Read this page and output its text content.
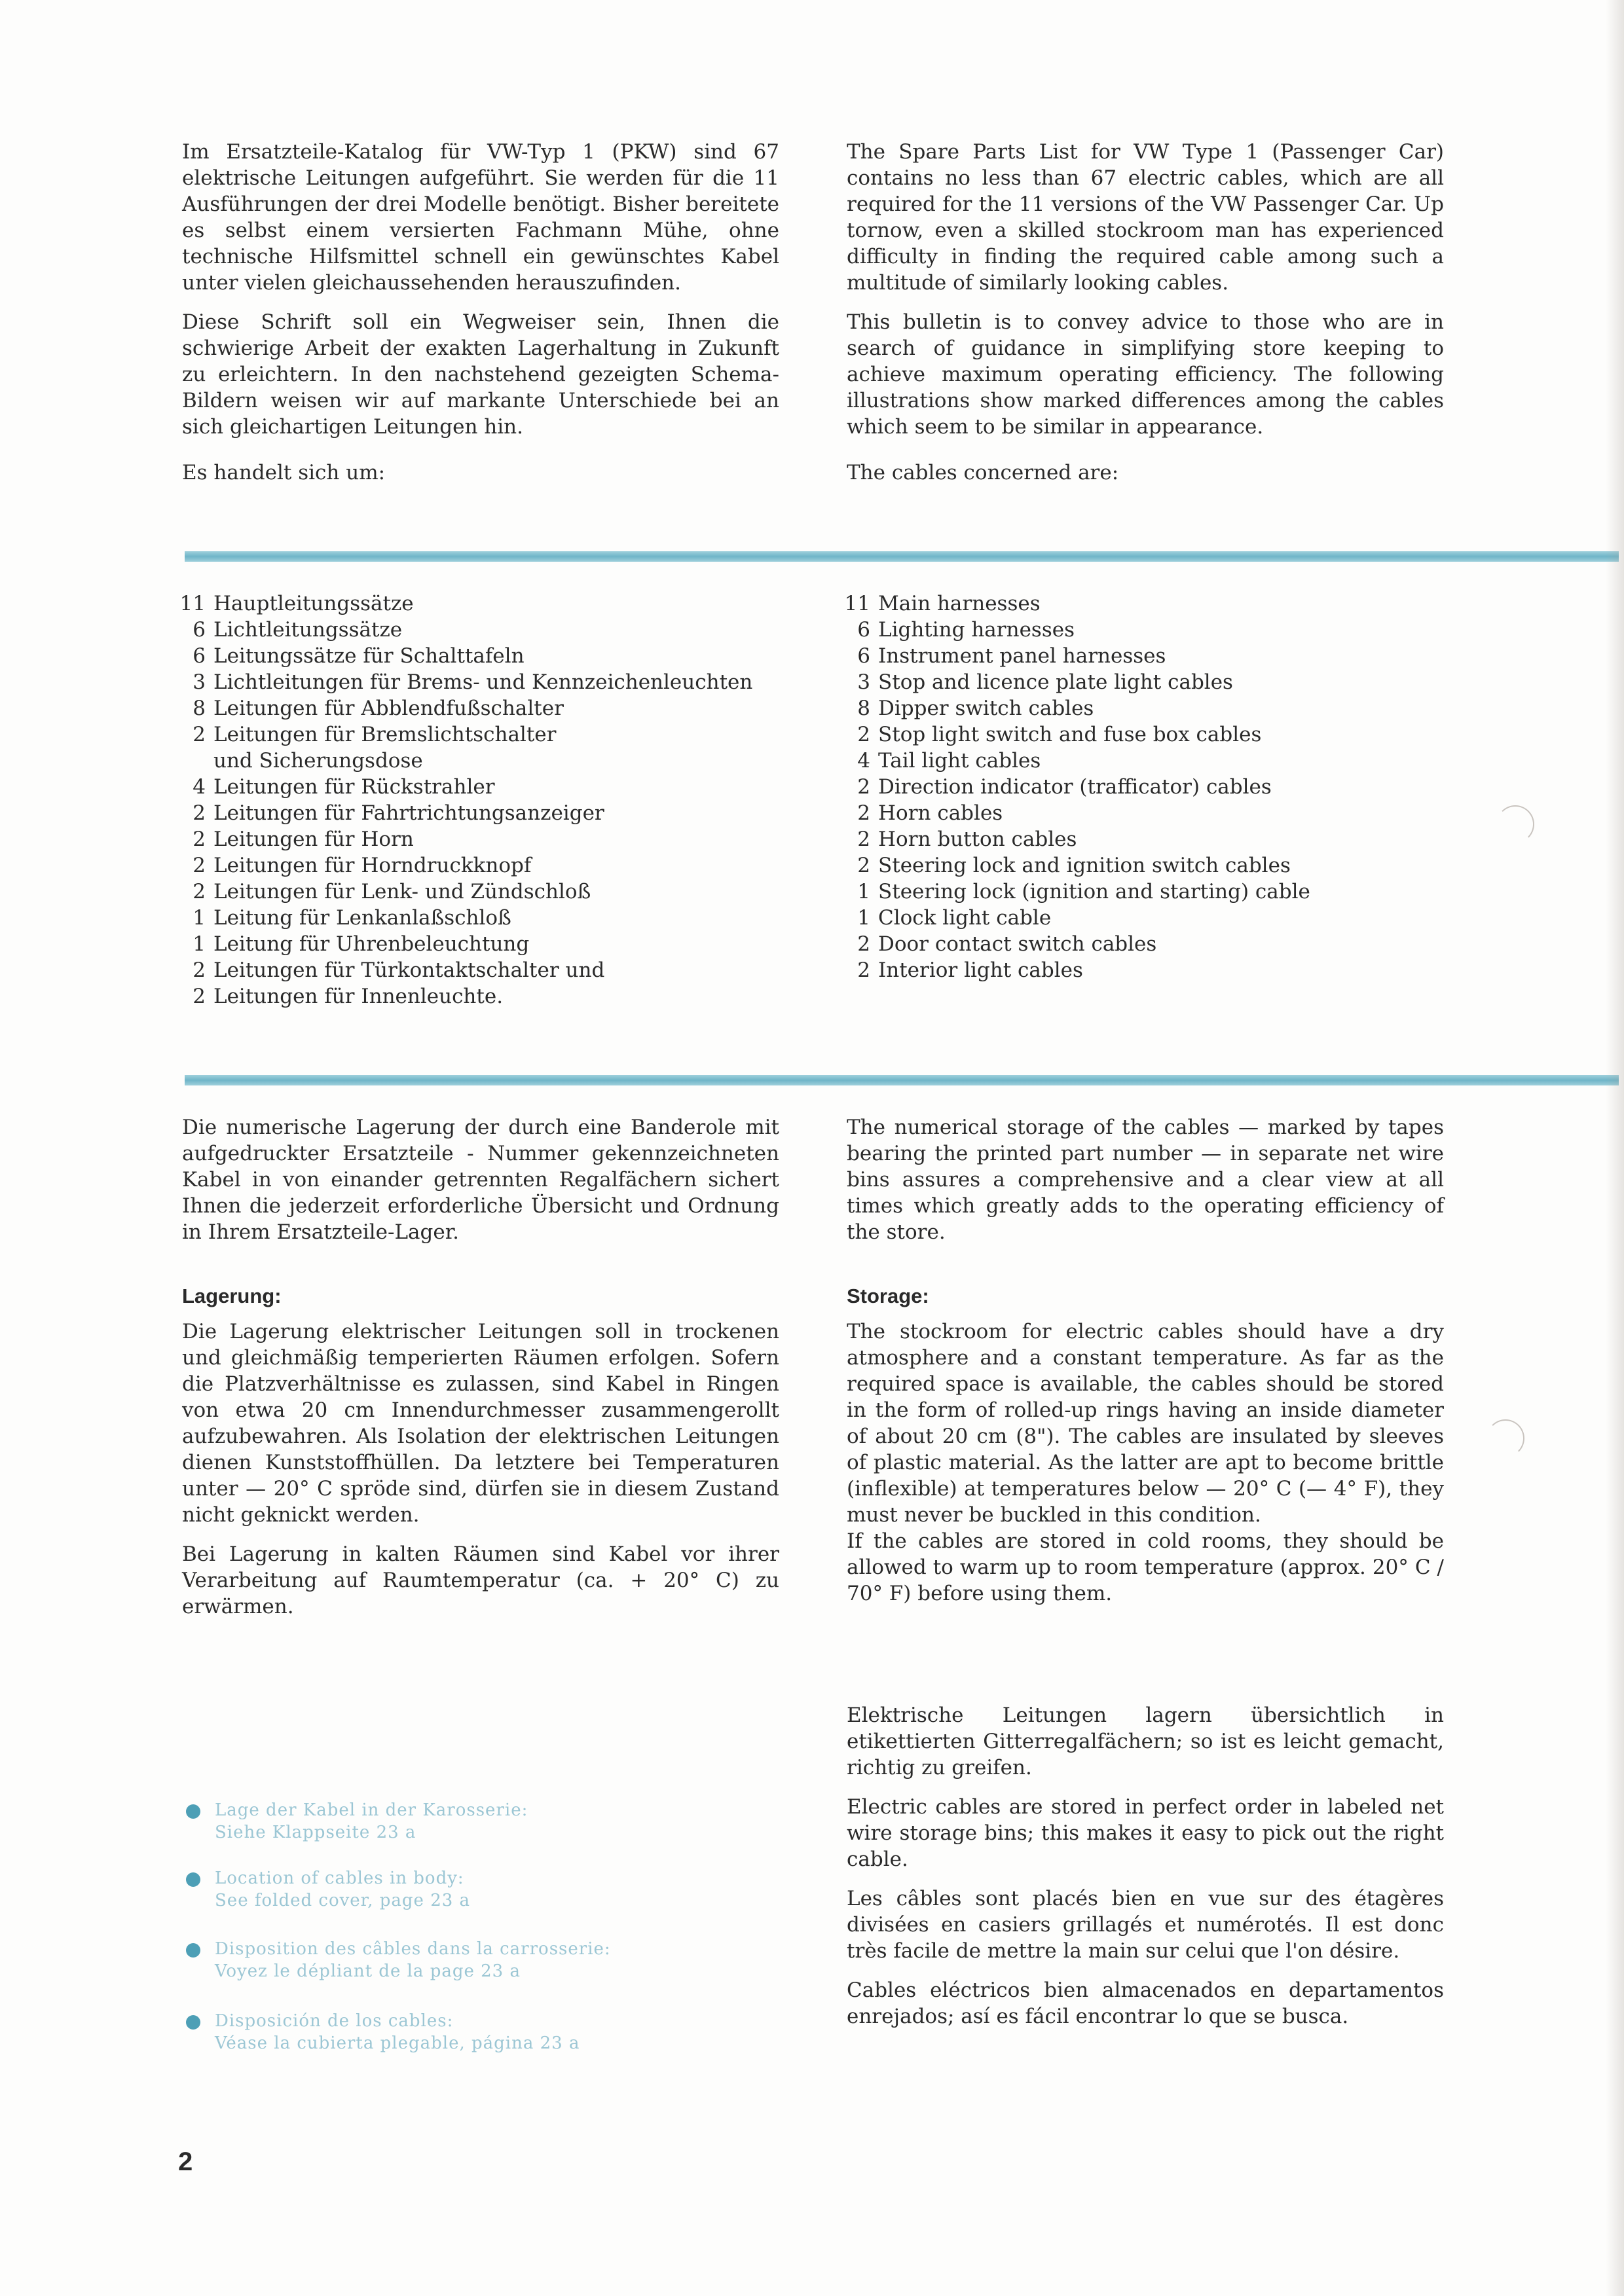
Im Ersatzteile-Katalog für VW-Typ 1 (PKW) sind 67 elektrische Leitungen aufgeführt. Sie werden für die 11 Ausführungen der drei Modelle benötigt. Bisher bereitete es selbst einem versierten Fachmann Mühe, ohne technische Hilfsmittel schnell ein gewünschtes Kabel unter vielen gleichaussehenden herauszufinden.

Diese Schrift soll ein Wegweiser sein, Ihnen die schwierige Arbeit der exakten Lagerhaltung in Zukunft zu erleichtern. In den nachstehend gezeigten Schema-Bildern weisen wir auf markante Unterschiede bei an sich gleichartigen Leitungen hin.

Es handelt sich um:

The Spare Parts List for VW Type 1 (Passenger Car) contains no less than 67 electric cables, which are all required for the 11 versions of the VW Passenger Car. Up tornow, even a skilled stockroom man has experienced difficulty in finding the required cable among such a multitude of similarly looking cables.

This bulletin is to convey advice to those who are in search of guidance in simplifying store keeping to achieve maximum operating efficiency. The following illustrations show marked differences among the cables which seem to be similar in appearance.

The cables concerned are:

11 Hauptleitungssätze
6 Lichtleitungssätze
6 Leitungssätze für Schalttafeln
3 Lichtleitungen für Brems- und Kennzeichenleuchten
8 Leitungen für Abblendfußschalter
2 Leitungen für Bremslichtschalter
und Sicherungsdose
4 Leitungen für Rückstrahler
2 Leitungen für Fahrtrichtungsanzeiger
2 Leitungen für Horn
2 Leitungen für Horndruckknopf
2 Leitungen für Lenk- und Zündschloß
1 Leitung für Lenkanlaßschloß
1 Leitung für Uhrenbeleuchtung
2 Leitungen für Türkontaktschalter und
2 Leitungen für Innenleuchte.
11 Main harnesses
6 Lighting harnesses
6 Instrument panel harnesses
3 Stop and licence plate light cables
8 Dipper switch cables
2 Stop light switch and fuse box cables
4 Tail light cables
2 Direction indicator (trafficator) cables
2 Horn cables
2 Horn button cables
2 Steering lock and ignition switch cables
1 Steering lock (ignition and starting) cable
1 Clock light cable
2 Door contact switch cables
2 Interior light cables

Die numerische Lagerung der durch eine Banderole mit aufgedruckter Ersatzteile - Nummer gekennzeichneten Kabel in von einander getrennten Regalfächern sichert Ihnen die jederzeit erforderliche Übersicht und Ordnung in Ihrem Ersatzteile-Lager.

Lagerung:

Die Lagerung elektrischer Leitungen soll in trockenen und gleichmäßig temperierten Räumen erfolgen. Sofern die Platzverhältnisse es zulassen, sind Kabel in Ringen von etwa 20 cm Innendurchmesser zusammengerollt aufzubewahren. Als Isolation der elektrischen Leitungen dienen Kunststoffhüllen. Da letztere bei Temperaturen unter — 20° C spröde sind, dürfen sie in diesem Zustand nicht geknickt werden.

Bei Lagerung in kalten Räumen sind Kabel vor ihrer Verarbeitung auf Raumtemperatur (ca. + 20° C) zu erwärmen.

The numerical storage of the cables — marked by tapes bearing the printed part number — in separate net wire bins assures a comprehensive and a clear view at all times which greatly adds to the operating efficiency of the store.

Storage:

The stockroom for electric cables should have a dry atmosphere and a constant temperature. As far as the required space is available, the cables should be stored in the form of rolled-up rings having an inside diameter of about 20 cm (8"). The cables are insulated by sleeves of plastic material. As the latter are apt to become brittle (inflexible) at temperatures below — 20° C (— 4° F), they must never be buckled in this condition.

If the cables are stored in cold rooms, they should be allowed to warm up to room temperature (approx. 20° C / 70° F) before using them.

Elektrische Leitungen lagern übersichtlich in etikettierten Gitterregalfächern; so ist es leicht gemacht, richtig zu greifen.

Electric cables are stored in perfect order in labeled net wire storage bins; this makes it easy to pick out the right cable.

Les câbles sont placés bien en vue sur des étagères divisées en casiers grillagés et numérotés. Il est donc très facile de mettre la main sur celui que l'on désire.

Cables eléctricos bien almacenados en departamentos enrejados; así es fácil encontrar lo que se busca.

Lage der Kabel in der Karosserie:
Siehe Klappseite 23 a
Location of cables in body:
See folded cover, page 23 a
Disposition des câbles dans la carrosserie:
Voyez le dépliant de la page 23 a
Disposición de los cables:
Véase la cubierta plegable, página 23 a
2
